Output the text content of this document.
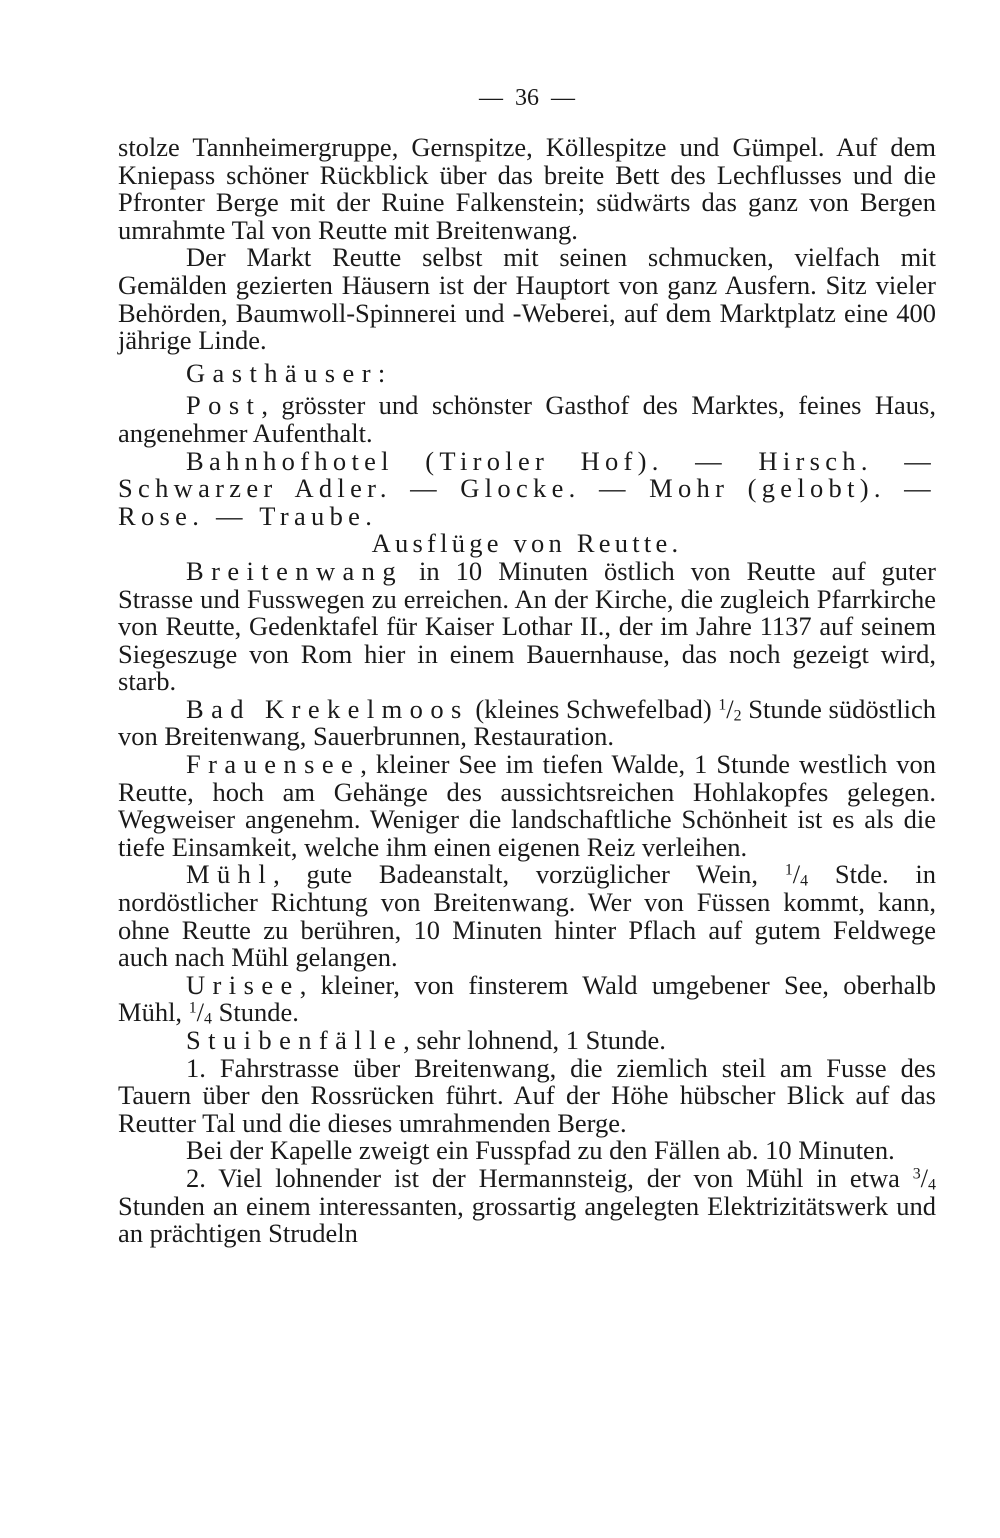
— 36 —

stolze Tannheimergruppe, Gernspitze, Köllespitze und Gümpel. Auf dem Kniepass schöner Rückblick über das breite Bett des Lechflusses und die Pfronter Berge mit der Ruine Falkenstein; südwärts das ganz von Bergen umrahmte Tal von Reutte mit Breitenwang.

Der Markt Reutte selbst mit seinen schmucken, vielfach mit Gemälden gezierten Häusern ist der Hauptort von ganz Ausfern. Sitz vieler Behörden, Baumwoll-Spinnerei und -Weberei, auf dem Marktplatz eine 400 jährige Linde.

Gasthäuser:

Post, grösster und schönster Gasthof des Marktes, feines Haus, angenehmer Aufenthalt.

Bahnhofhotel (Tiroler Hof). — Hirsch. — Schwarzer Adler. — Glocke. — Mohr (gelobt). — Rose. — Traube.

Ausflüge von Reutte.

Breitenwang in 10 Minuten östlich von Reutte auf guter Strasse und Fusswegen zu erreichen. An der Kirche, die zugleich Pfarrkirche von Reutte, Gedenktafel für Kaiser Lothar II., der im Jahre 1137 auf seinem Siegeszuge von Rom hier in einem Bauernhause, das noch gezeigt wird, starb.

Bad Krekelmoos (kleines Schwefelbad) $^1/_2$ Stunde südöstlich von Breitenwang, Sauerbrunnen, Restauration.

Frauensee, kleiner See im tiefen Walde, 1 Stunde westlich von Reutte, hoch am Gehänge des aussichtsreichen Hohlakopfes gelegen. Wegweiser angenehm. Weniger die landschaftliche Schönheit ist es als die tiefe Einsamkeit, welche ihm einen eigenen Reiz verleihen.

Mühl, gute Badeanstalt, vorzüglicher Wein, $^1/_4$ Stde. in nordöstlicher Richtung von Breitenwang. Wer von Füssen kommt, kann, ohne Reutte zu berühren, 10 Minuten hinter Pflach auf gutem Feldwege auch nach Mühl gelangen.

Urisee, kleiner, von finsterem Wald umgebener See, oberhalb Mühl, $^1/_4$ Stunde.

Stuibenfälle, sehr lohnend, 1 Stunde.

1. Fahrstrasse über Breitenwang, die ziemlich steil am Fusse des Tauern über den Rossrücken führt. Auf der Höhe hübscher Blick auf das Reutter Tal und die dieses umrahmenden Berge.

Bei der Kapelle zweigt ein Fusspfad zu den Fällen ab. 10 Minuten.

2. Viel lohnender ist der Hermannsteig, der von Mühl in etwa $^3/_4$ Stunden an einem interessanten, grossartig angelegten Elektrizitätswerk und an prächtigen Strudeln
